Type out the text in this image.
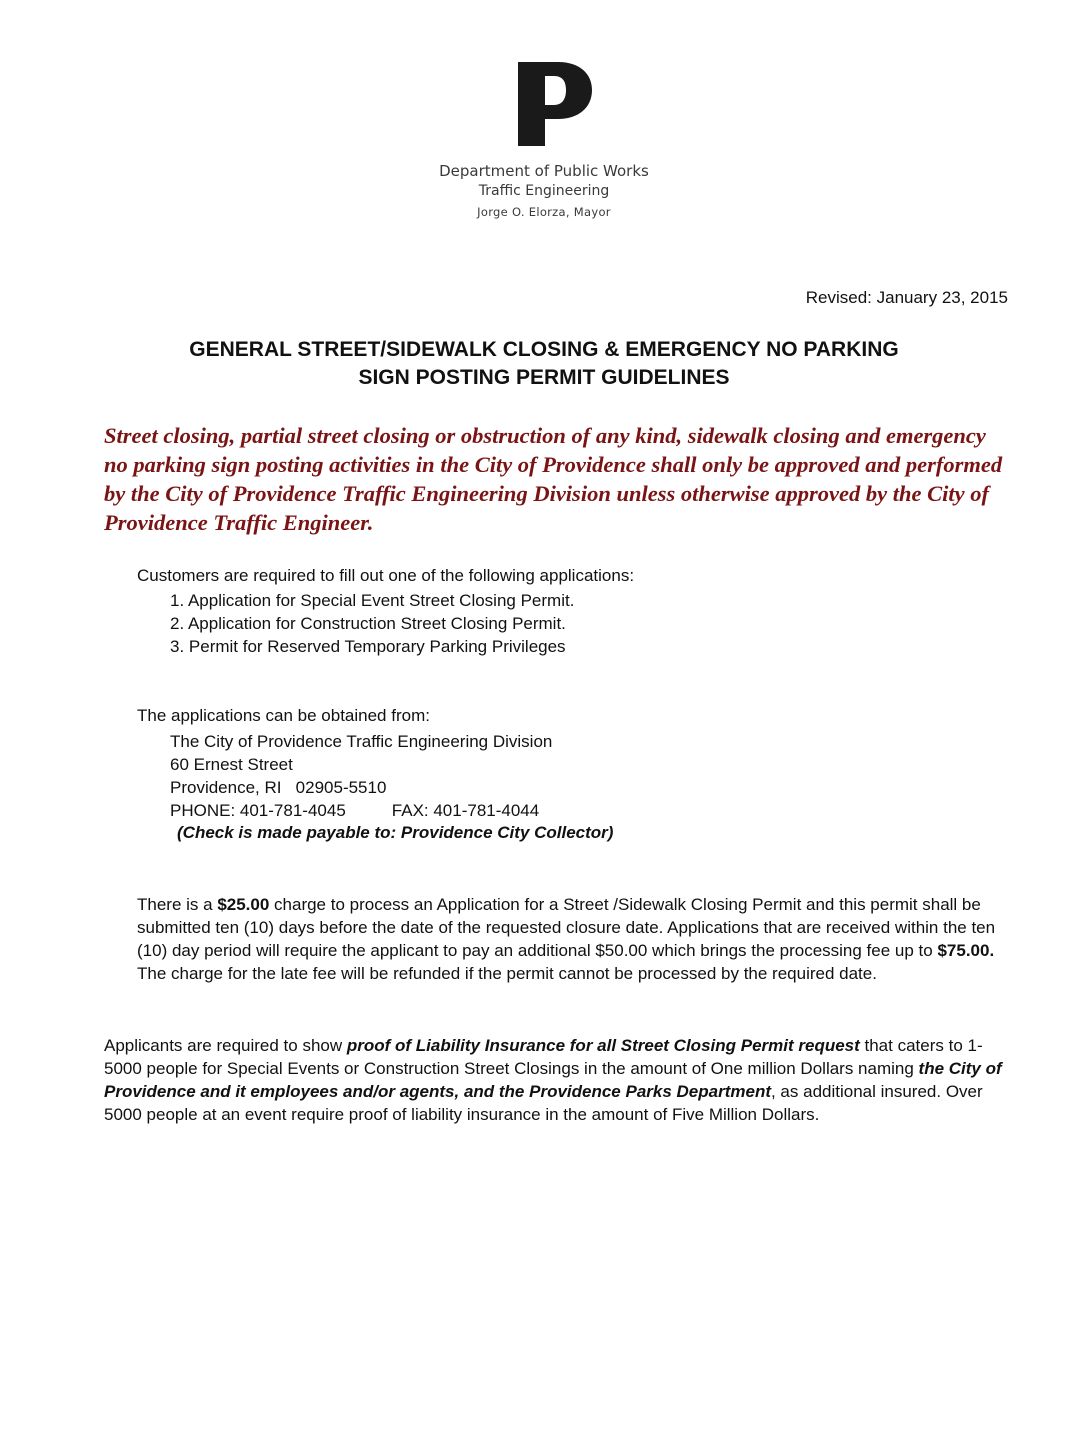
Department of Public Works
Traffic Engineering
Jorge O. Elorza, Mayor
Revised: January 23, 2015
GENERAL STREET/SIDEWALK CLOSING & EMERGENCY NO PARKING
SIGN POSTING PERMIT GUIDELINES

Street closing, partial street closing or obstruction of any kind, sidewalk closing and emergency no parking sign posting activities in the City of Providence shall only be approved and performed by the City of Providence Traffic Engineering Division unless otherwise approved by the City of Providence Traffic Engineer.

Customers are required to fill out one of the following applications:
1. Application for Special Event Street Closing Permit.
2. Application for Construction Street Closing Permit.
3. Permit for Reserved Temporary Parking Privileges
The applications can be obtained from:
The City of Providence Traffic Engineering Division
60 Ernest Street
Providence, RI   02905-5510
PHONE: 401-781-4045	FAX: 401-781-4044
(Check is made payable to: Providence City Collector)

There is a $25.00 charge to process an Application for a Street /Sidewalk Closing Permit and this permit shall be submitted ten (10) days before the date of the requested closure date. Applications that are received within the ten (10) day period will require the applicant to pay an additional $50.00 which brings the processing fee up to $75.00. The charge for the late fee will be refunded if the permit cannot be processed by the required date.

Applicants are required to show proof of Liability Insurance for all Street Closing Permit request that caters to 1-5000 people for Special Events or Construction Street Closings in the amount of One million Dollars naming the City of Providence and it employees and/or agents, and the Providence Parks Department, as additional insured. Over 5000 people at an event require proof of liability insurance in the amount of Five Million Dollars.
